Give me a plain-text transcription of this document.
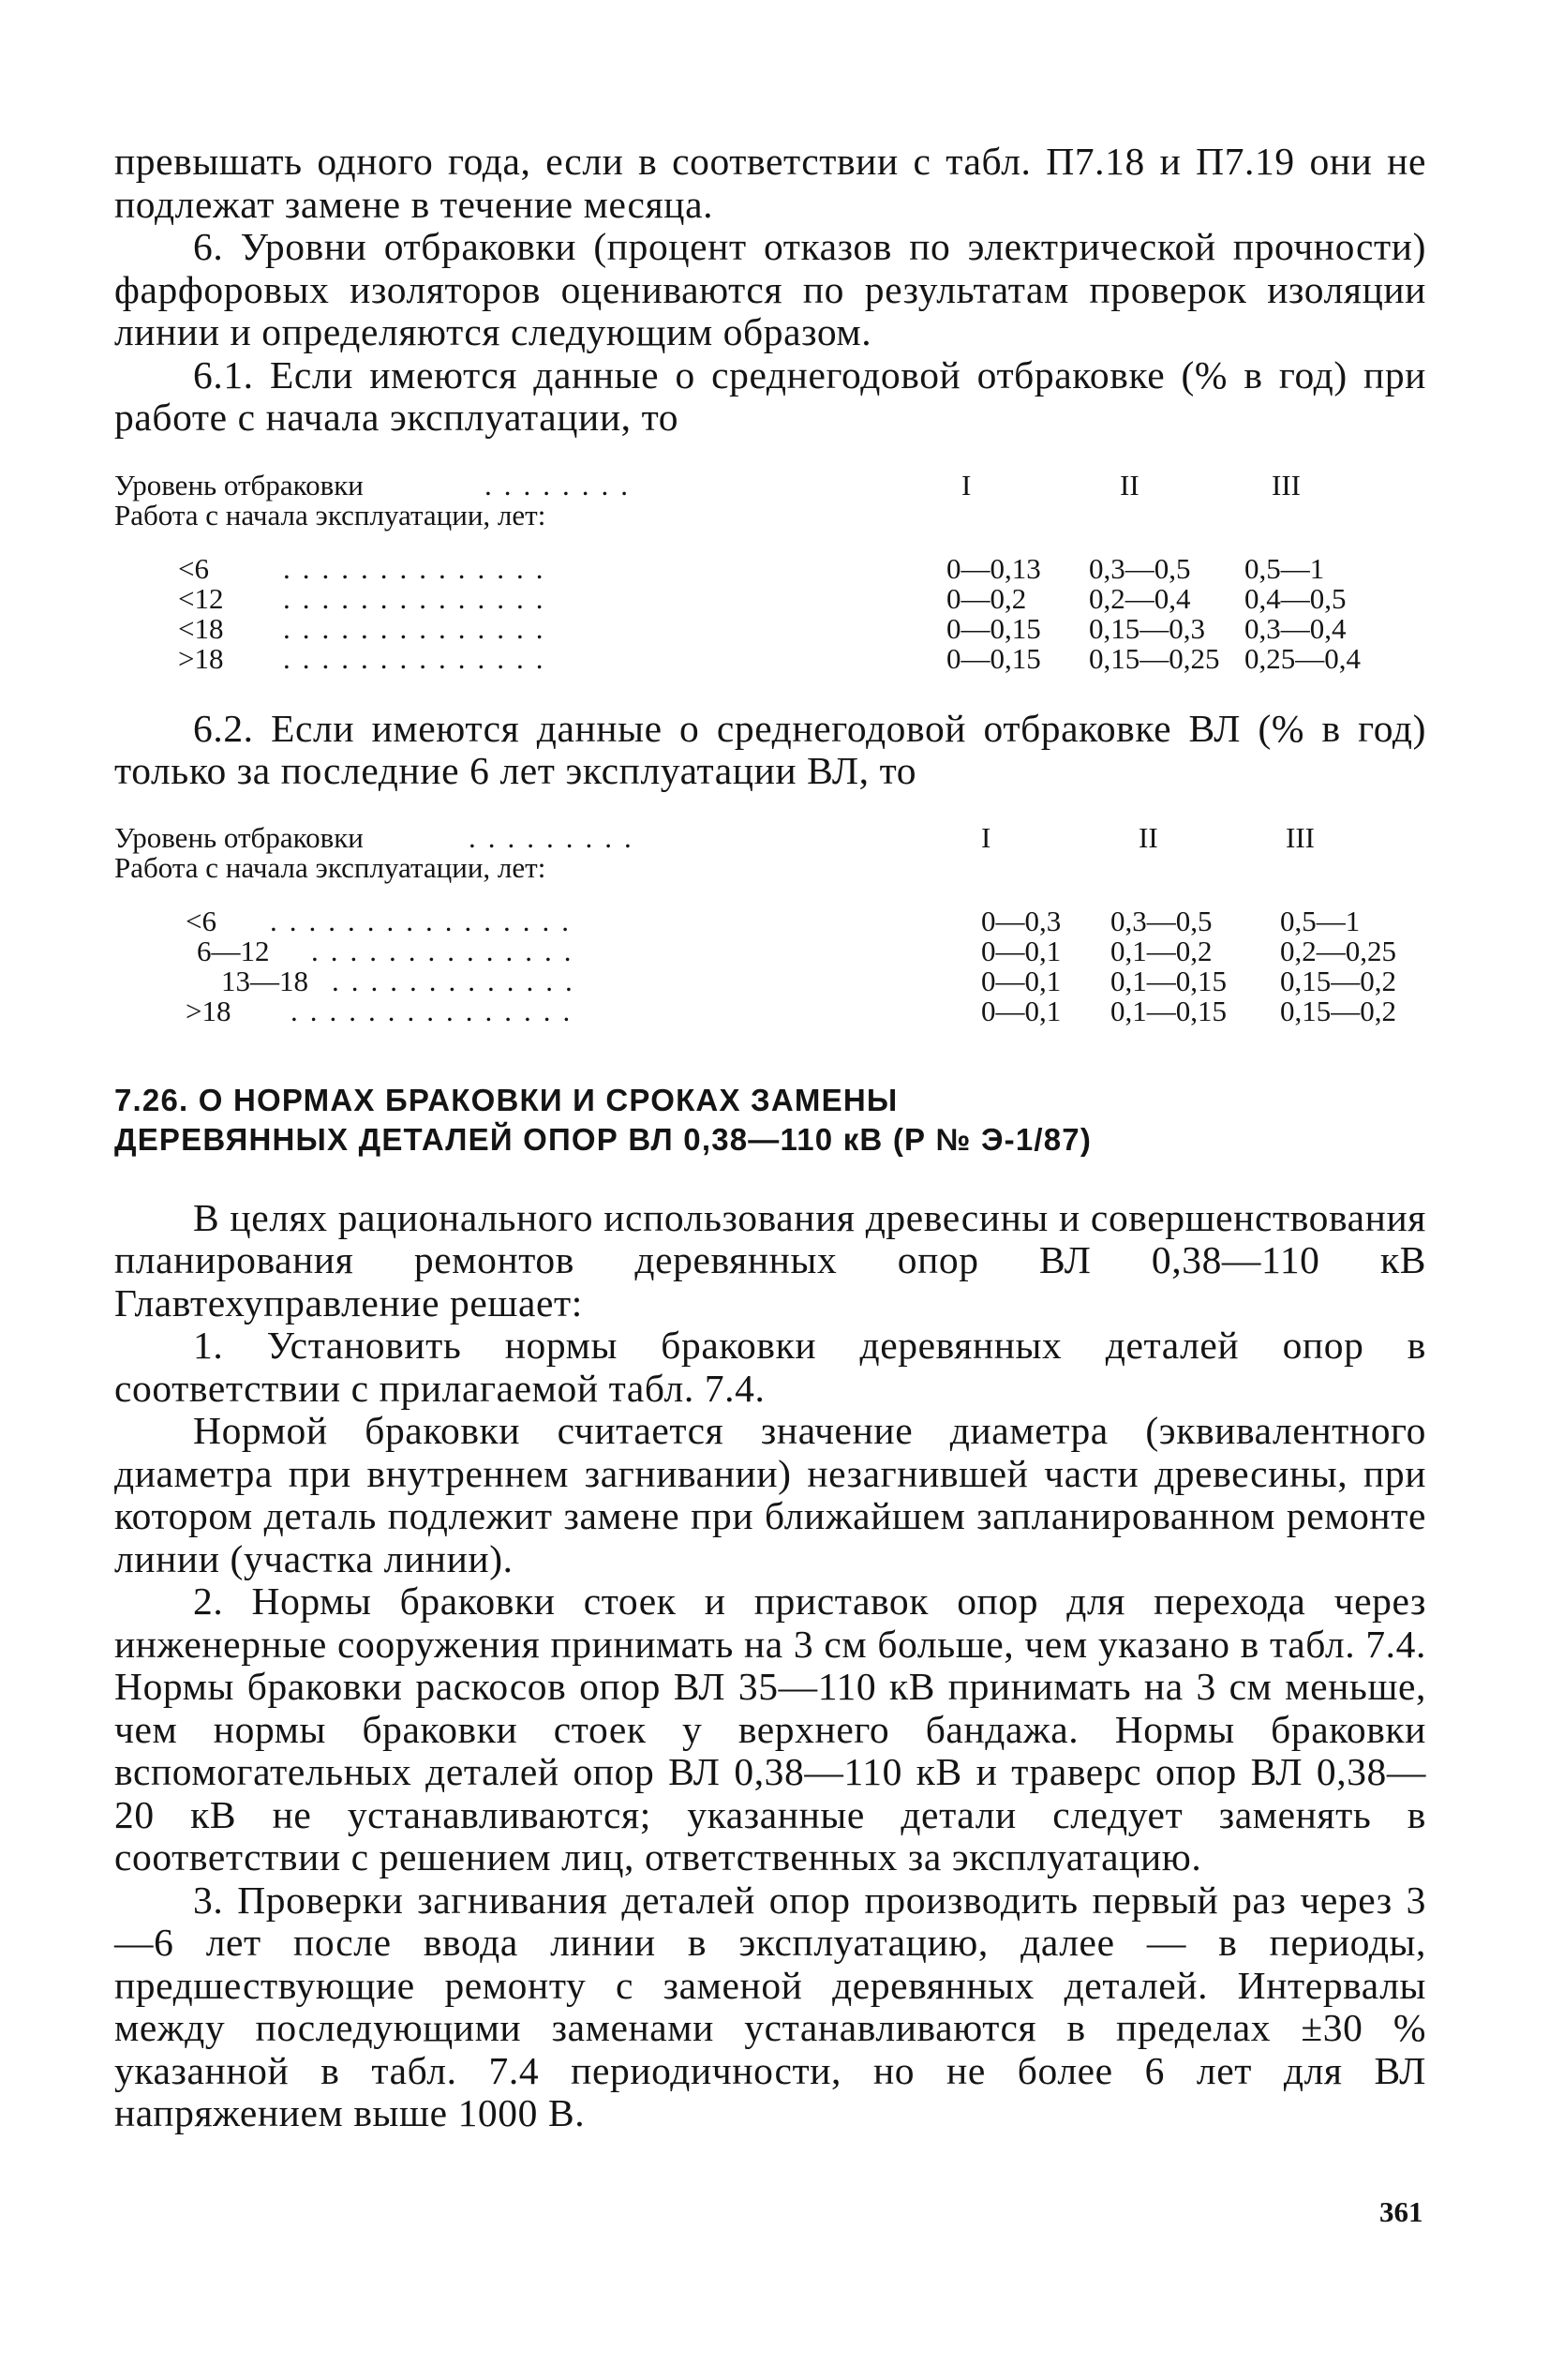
превышать одного года, если в соответствии с табл. П7.18 и П7.19 они не подлежат замене в течение месяца.

6. Уровни отбраковки (процент отказов по электрической прочности) фарфоровых изоляторов оцениваются по результатам проверок изоляции линии и определяются следующим образом.

6.1. Если имеются данные о среднегодовой отбраковке (% в год) при работе с начала эксплуатации, то

Уровень отбраковки	........	I	II	III
Работа с начала эксплуатации, лет:
<6	..............	0—0,13 0,3—0,5 0,5—1
<12 ..............	0—0,2 0,2—0,4 0,4—0,5
<18 ..............	0—0,15 0,15—0,3 0,3—0,4
>18 ..............	0—0,15 0,15—0,25 0,25—0,4

6.2. Если имеются данные о среднегодовой отбраковке ВЛ (% в год) только за последние 6 лет эксплуатации ВЛ, то

Уровень отбраковки	.........	I	II	III
Работа с начала эксплуатации, лет:
<6 ................	0—0,3 0,3—0,5 0,5—1
6—12 ..............	0—0,1 0,1—0,2 0,2—0,25
13—18 .............	0—0,1 0,1—0,15 0,15—0,2
>18 ...............	0—0,1 0,1—0,15 0,15—0,2

7.26. О НОРМАХ БРАКОВКИ И СРОКАХ ЗАМЕНЫ

ДЕРЕВЯННЫХ ДЕТАЛЕЙ ОПОР ВЛ 0,38—110 кВ (Р № Э-1/87)

В целях рационального использования древесины и совершенствования планирования ремонтов деревянных опор ВЛ 0,38—110 кВ Главтехуправление решает:

1. Установить нормы браковки деревянных деталей опор в соответствии с прилагаемой табл. 7.4.

Нормой браковки считается значение диаметра (эквивалентного диаметра при внутреннем загнивании) незагнившей части древесины, при котором деталь подлежит замене при ближайшем запланированном ремонте линии (участка линии).

2. Нормы браковки стоек и приставок опор для перехода через инженерные сооружения принимать на 3 см больше, чем указано в табл. 7.4. Нормы браковки раскосов опор ВЛ 35—110 кВ принимать на 3 см меньше, чем нормы браковки стоек у верхнего бандажа. Нормы браковки вспомогательных деталей опор ВЛ 0,38—110 кВ и траверс опор ВЛ 0,38—20 кВ не устанавливаются; указанные детали следует заменять в соответствии с решением лиц, ответственных за эксплуатацию.

3. Проверки загнивания деталей опор производить первый раз через 3—6 лет после ввода линии в эксплуатацию, далее — в периоды, предшествующие ремонту с заменой деревянных деталей. Интервалы между последующими заменами устанавливаются в пределах ±30 % указанной в табл. 7.4 периодичности, но не более 6 лет для ВЛ напряжением выше 1000 В.

361
